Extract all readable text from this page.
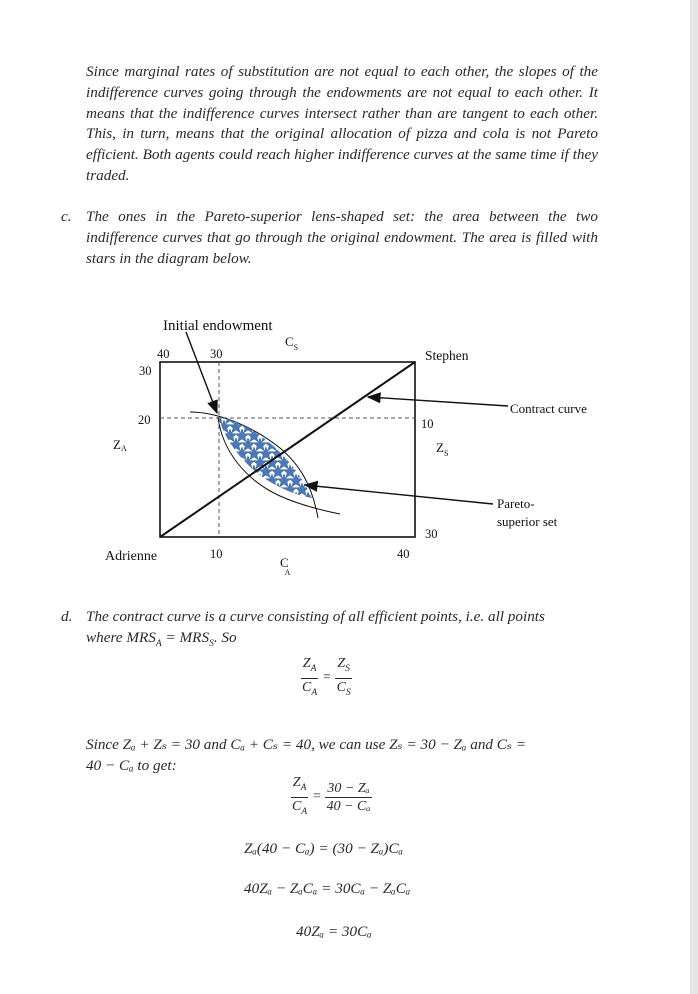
Since marginal rates of substitution are not equal to each other, the slopes of the indifference curves going through the endowments are not equal to each other. It means that the indifference curves intersect rather than are tangent to each other. This, in turn, means that the original allocation of pizza and cola is not Pareto efficient. Both agents could reach higher indifference curves at the same time if they traded.

c. The ones in the Pareto-superior lens-shaped set: the area between the two indifference curves that go through the original endowment. The area is filled with stars in the diagram below.

Initial endowment
$C_S$
40	30	Stephen
30
20
ZA
10
$Z_S$
30
Contract curve
Pareto-
superior set
Adrienne	10	40
C A
d. The contract curve is a curve consisting of all efficient points, i.e. all points
where $MRS_A = MRS_S$. So
$\frac{Z_A}{C_A} = \frac{Z_S}{C_S}$
Since Zₐ + Zₛ = 30 and Cₐ + Cₛ = 40, we can use Zₛ = 30 − Zₐ and Cₛ =
40 − Cₐ to get:
$\frac{Z_A}{C_A} = \frac{\text{30 − Zₐ}}{\text{40 − Cₐ}}$
Zₐ(40 − Cₐ) = (30 − Zₐ)Cₐ
40Zₐ − ZₐCₐ = 30Cₐ − ZₐCₐ
40Zₐ = 30Cₐ
